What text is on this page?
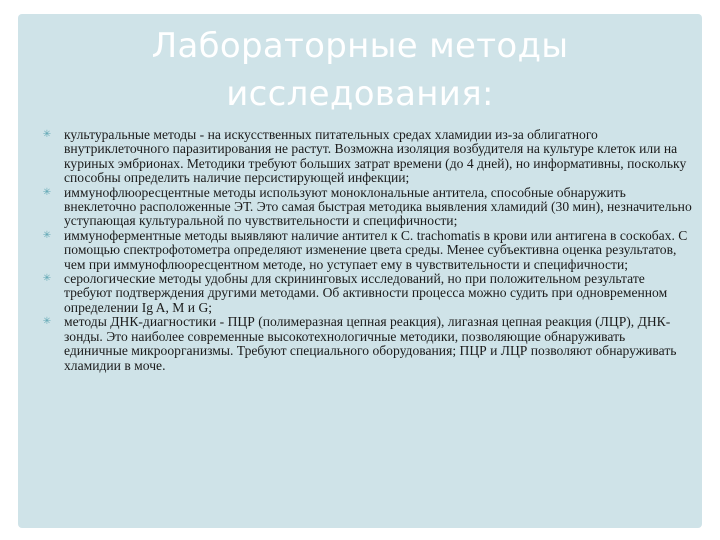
Лабораторные методы
исследования:
✳ культуральные методы - на искусственных питательных средах хламидии из-за облигатного внутриклеточного паразитирования не растут. Возможна изоляция возбудителя на культуре клеток или на куриных эмбрионах. Методики требуют больших затрат времени (до 4 дней), но информативны, поскольку способны определить наличие персистирующей инфекции;
✳ иммунофлюоресцентные методы используют моноклональные антитела, способные обнаружить внеклеточно расположенные ЭТ. Это самая быстрая методика выявления хламидий (30 мин), незначительно уступающая культуральной по чувствительности и специфичности;
✳ иммуноферментные методы выявляют наличие антител к C. trachomatis в крови или антигена в соскобах. С помощью спектрофотометра определяют изменение цвета среды. Менее субъективна оценка результатов, чем при иммунофлюоресцентном методе, но уступает ему в чувствительности и специфичности;
✳ серологические методы удобны для скрининговых исследований, но при положительном результате требуют подтверждения другими методами. Об активности процесса можно судить при одновременном определении Ig A, M и G;
✳ методы ДНК-диагностики - ПЦР (полимеразная цепная реакция), лигазная цепная реакция (ЛЦР), ДНК-зонды. Это наиболее современные высокотехнологичные методики, позволяющие обнаруживать единичные микроорганизмы. Требуют специального оборудования; ПЦР и ЛЦР позволяют обнаруживать хламидии в моче.
